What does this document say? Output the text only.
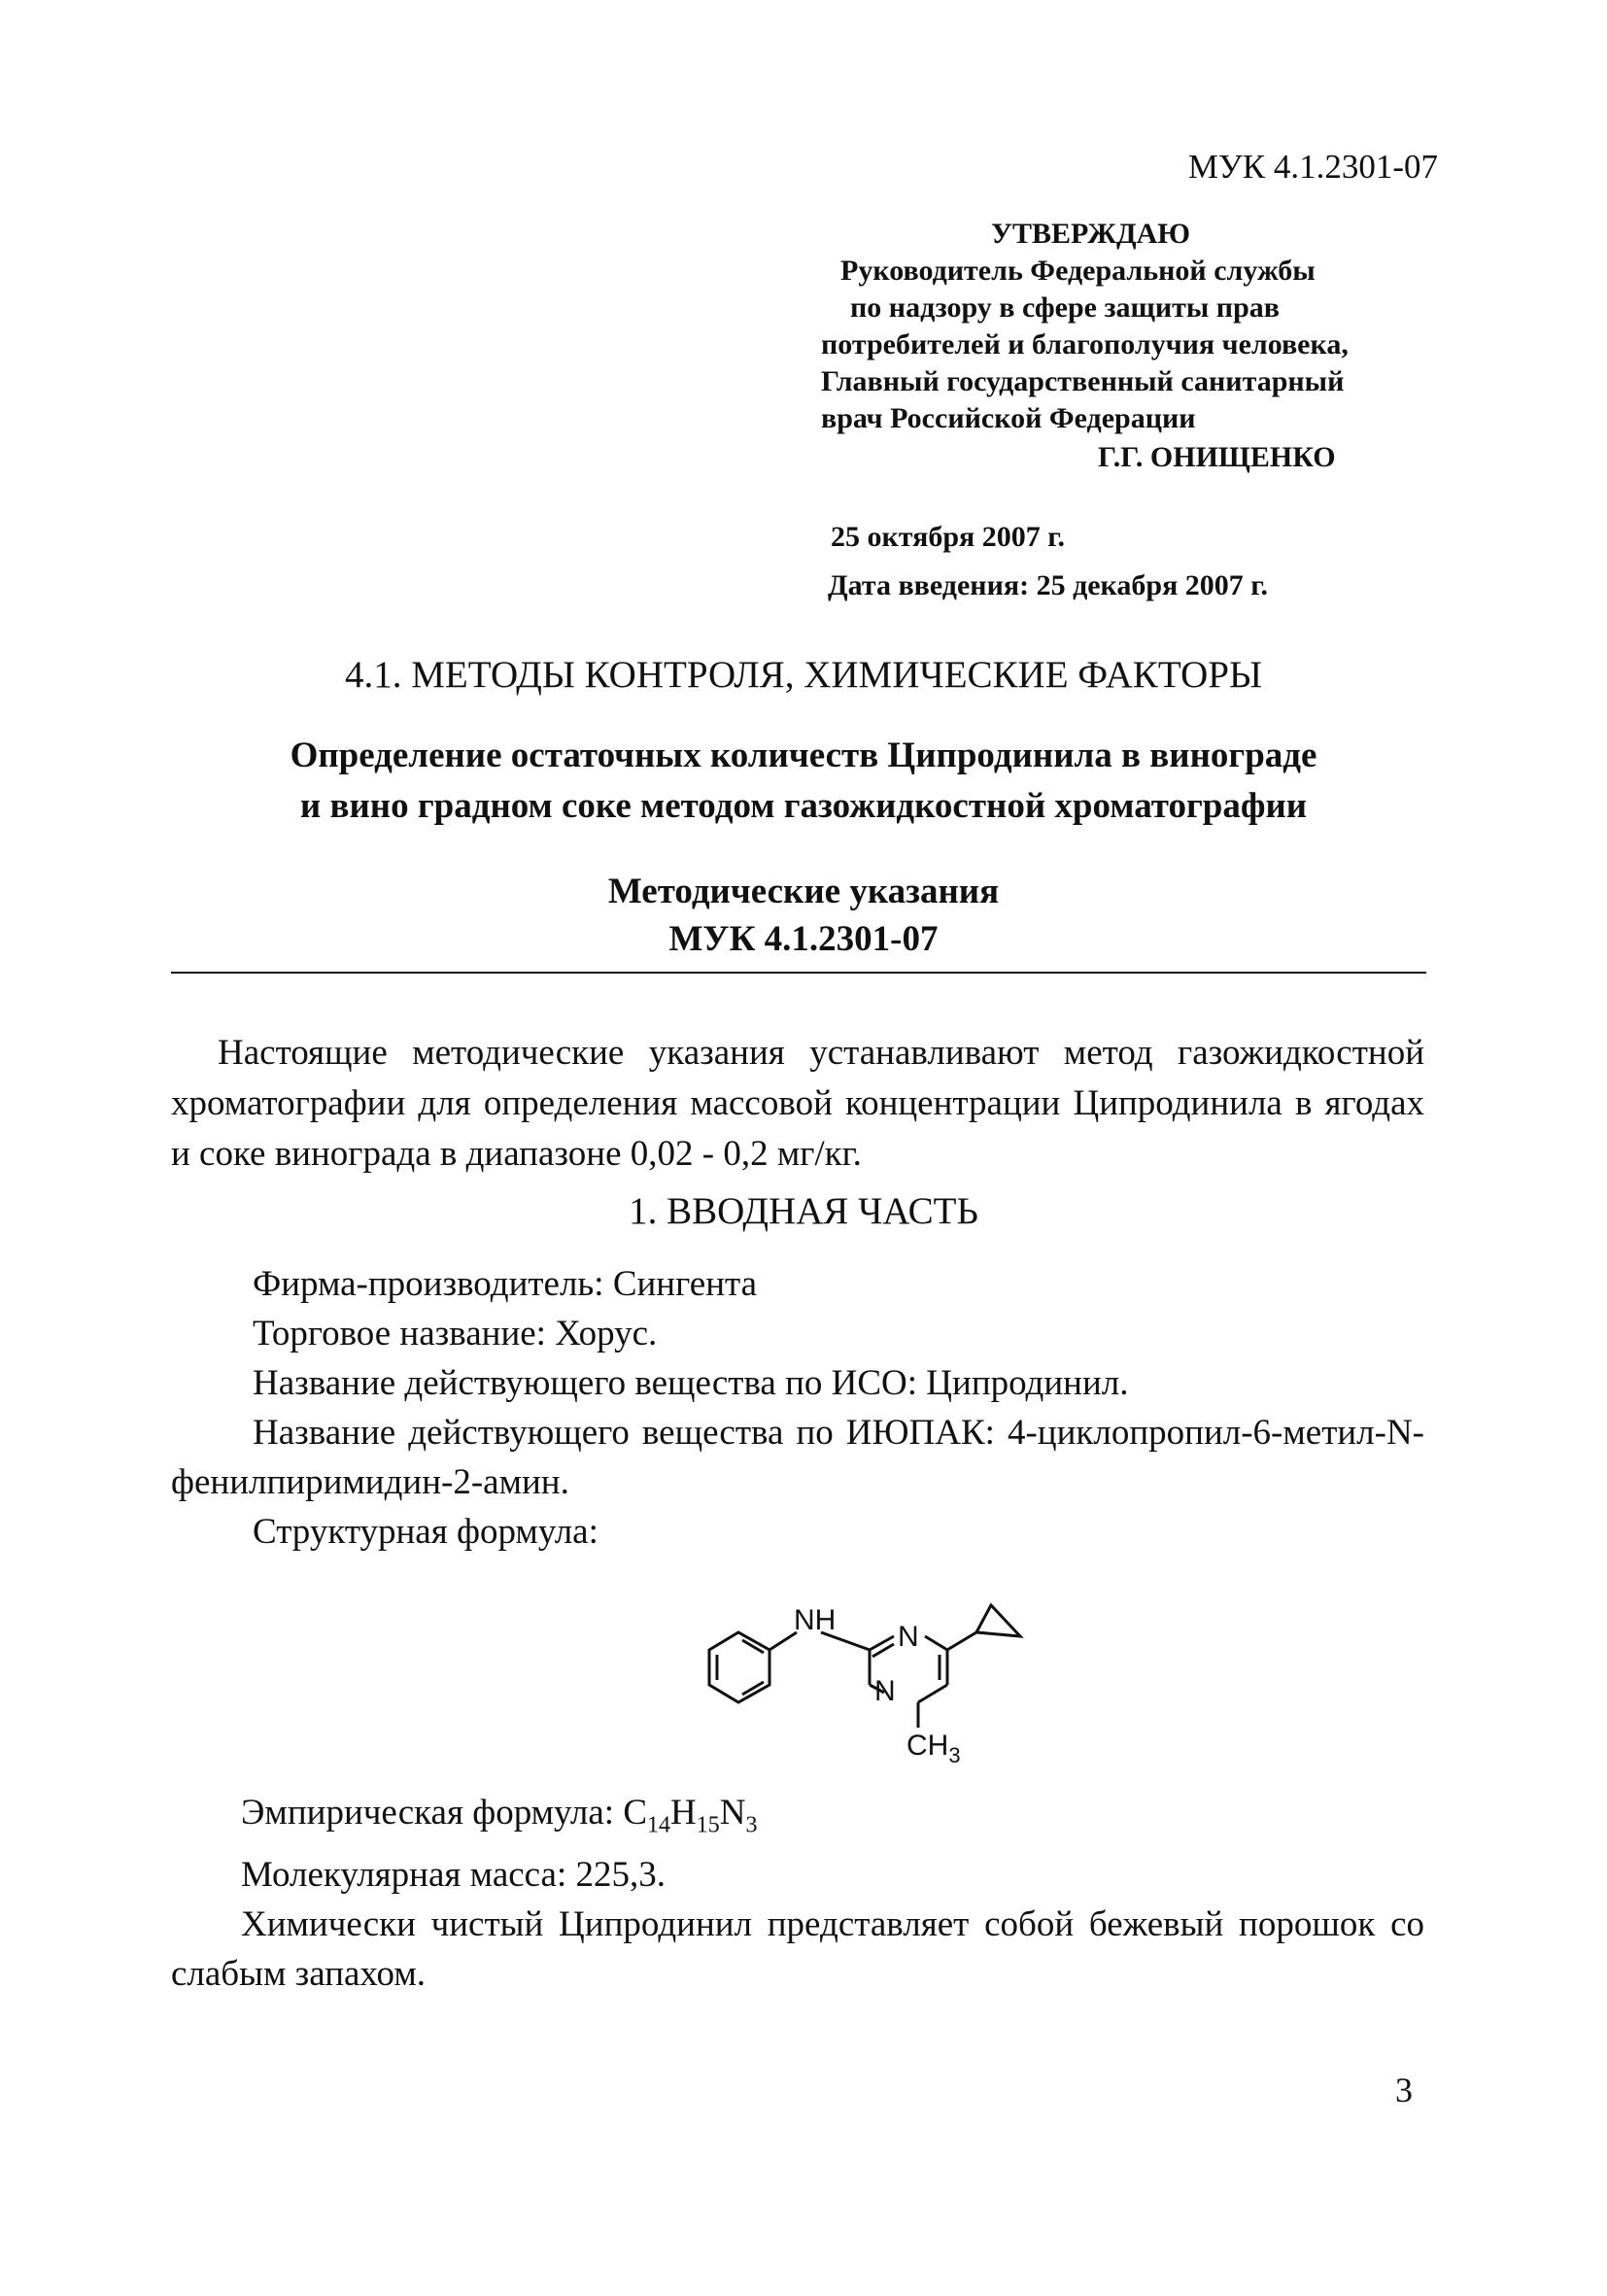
МУК 4.1.2301-07
УТВЕРЖДАЮ
Руководитель Федеральной службы
по надзору в сфере защиты прав
потребителей и благополучия человека,
Главный государственный санитарный
врач Российской Федерации
Г.Г. ОНИЩЕНКО
25 октября 2007 г.
Дата введения: 25 декабря 2007 г.
4.1. МЕТОДЫ КОНТРОЛЯ, ХИМИЧЕСКИЕ ФАКТОРЫ
Определение остаточных количеств Ципродинила в винограде
и вино градном соке методом газожидкостной хроматографии
Методические указания
МУК 4.1.2301-07

Настоящие методические указания устанавливают метод газожидкостной хроматографии для определения массовой концентрации Ципродинила в ягодах и соке винограда в диапазоне 0,02 - 0,2 мг/кг.

1. ВВОДНАЯ ЧАСТЬ

Фирма-производитель: Сингента

Торговое название: Хорус.

Название действующего вещества по ИСО: Ципродинил.

Название действующего вещества по ИЮПАК: 4-циклопропил-6-метил-N-фенилпиримидин-2-амин.

Структурная формула:

NH
N
N
$CH_3$

Эмпирическая формула: $C_{14}H_{15}N_3$

Молекулярная масса: 225,3.

Химически чистый Ципродинил представляет собой бежевый порошок со слабым запахом.

3
